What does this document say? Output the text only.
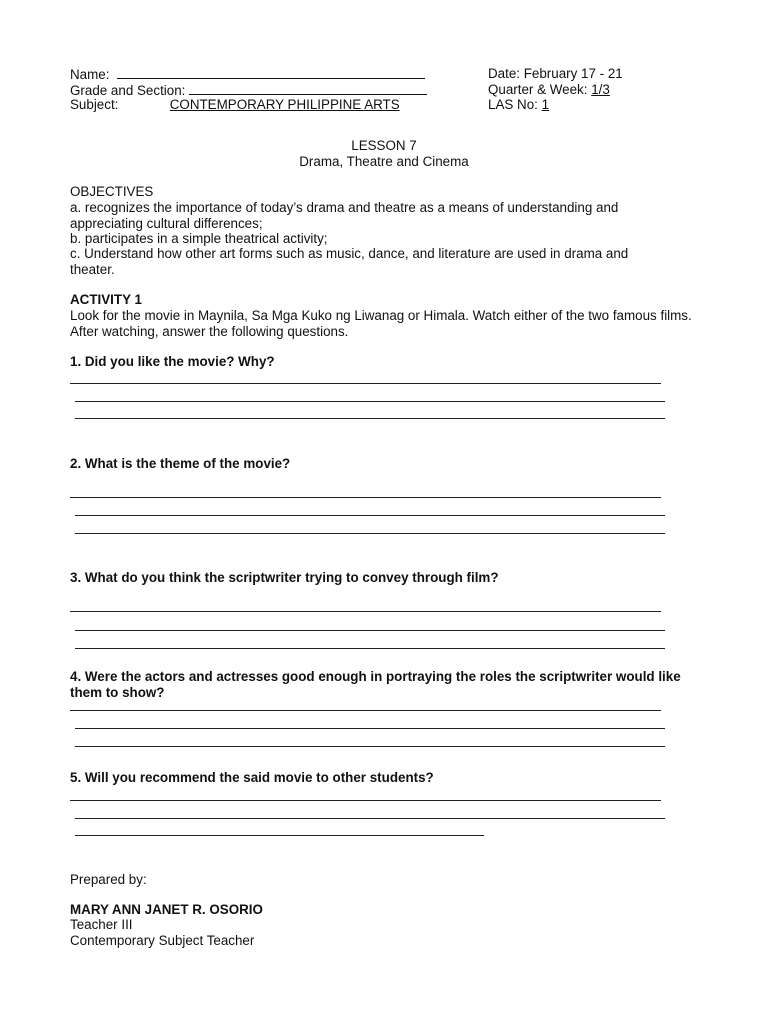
Name:
Grade and Section:
Subject:	CONTEMPORARY PHILIPPINE ARTS
Date: February 17 - 21
Quarter & Week: 1/3
LAS No: 1
LESSON 7
Drama, Theatre and Cinema
OBJECTIVES
a. recognizes the importance of today’s drama and theatre as a means of understanding and appreciating cultural differences;
b. participates in a simple theatrical activity;
c. Understand how other art forms such as music, dance, and literature are used in drama and theater.
ACTIVITY 1
Look for the movie in Maynila, Sa Mga Kuko ng Liwanag or Himala. Watch either of the two famous films. After watching, answer the following questions.
1. Did you like the movie? Why?
2. What is the theme of the movie?
3. What do you think the scriptwriter trying to convey through film?
4. Were the actors and actresses good enough in portraying the roles the scriptwriter would like them to show?
5. Will you recommend the said movie to other students?
Prepared by:
MARY ANN JANET R. OSORIO
Teacher III
Contemporary Subject Teacher
